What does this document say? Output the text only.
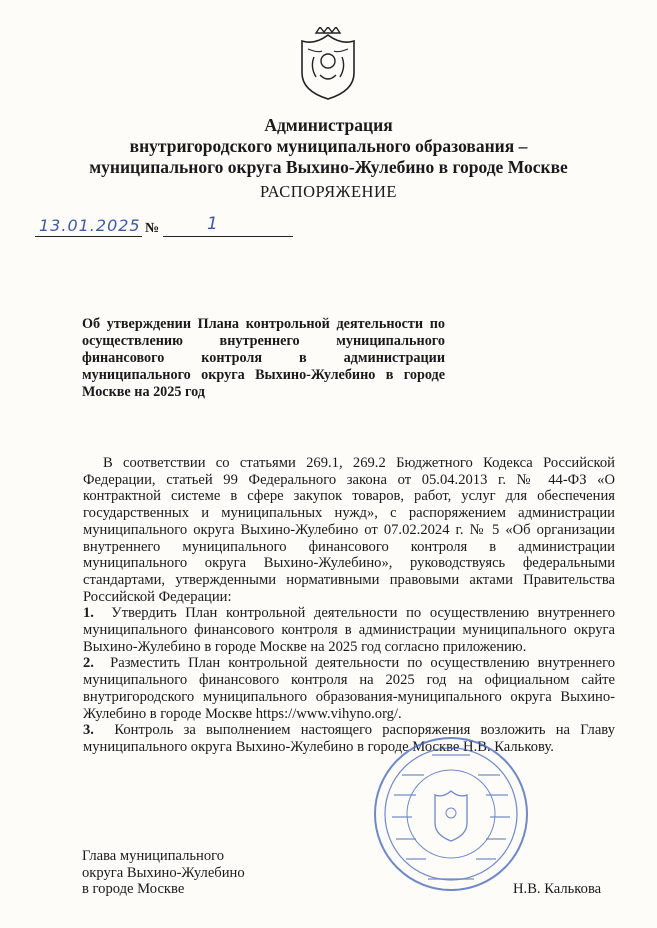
Администрация
внутригородского муниципального образования –
муниципального округа Выхино-Жулебино в городе Москве
РАСПОРЯЖЕНИЕ
13.01.2025 №	1
Об утверждении Плана контрольной деятельности по осуществлению внутреннего муниципального финансового контроля в администрации муниципального округа Выхино-Жулебино в городе Москве на 2025 год

В соответствии со статьями 269.1, 269.2 Бюджетного Кодекса Российской Федерации, статьей 99 Федерального закона от 05.04.2013 г. № 44-ФЗ «О контрактной системе в сфере закупок товаров, работ, услуг для обеспечения государственных и муниципальных нужд», с распоряжением администрации муниципального округа Выхино-Жулебино от 07.02.2024 г. № 5 «Об организации внутреннего муниципального финансового контроля в администрации муниципального округа Выхино-Жулебино», руководствуясь федеральными стандартами, утвержденными нормативными правовыми актами Правительства Российской Федерации:

1. Утвердить План контрольной деятельности по осуществлению внутреннего муниципального финансового контроля в администрации муниципального округа Выхино-Жулебино в городе Москве на 2025 год согласно приложению.

2. Разместить План контрольной деятельности по осуществлению внутреннего муниципального финансового контроля на 2025 год на официальном сайте внутригородского муниципального образования-муниципального округа Выхино-Жулебино в городе Москве https://www.vihyno.org/.

3. Контроль за выполнением настоящего распоряжения возложить на Главу муниципального округа Выхино-Жулебино в городе Москве Н.В. Калькову.

Глава муниципального
округа Выхино-Жулебино
в городе Москве	Н.В. Калькова
